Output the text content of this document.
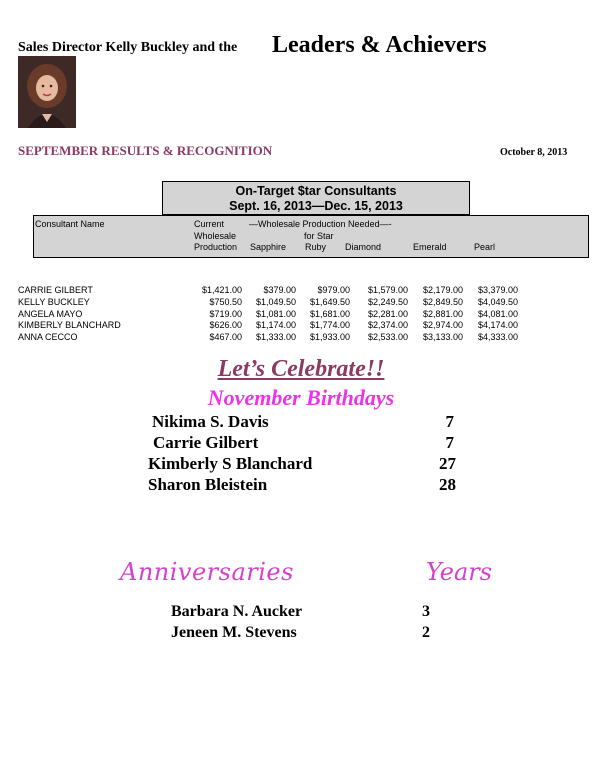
Sales Director Kelly Buckley and the Leaders & Achievers
SEPTEMBER RESULTS & RECOGNITION	October 8, 2013
On-Target $tar Consultants
Sept. 16, 2013—Dec. 15, 2013
Consultant Name	Current
Wholesale
Production
—Wholesale Production Needed—-
for Star
Sapphire Ruby Diamond	Emerald	Pearl
CARRIE GILBERT	$1,421.00 $379.00 $979.00 $1,579.00 $2,179.00 $3,379.00
KELLY BUCKLEY	$750.50 $1,049.50 $1,649.50 $2,249.50 $2,849.50 $4,049.50
ANGELA MAYO	$719.00 $1,081.00 $1,681.00 $2,281.00 $2,881.00 $4,081.00
KIMBERLY BLANCHARD	$626.00 $1,174.00 $1,774.00 $2,374.00 $2,974.00 $4,174.00
ANNA CECCO	$467.00 $1,333.00 $1,933.00 $2,533.00 $3,133.00 $4,333.00
Let’s Celebrate!!
November Birthdays
Nikima S. Davis	7
Carrie Gilbert	7
Kimberly S Blanchard	27
Sharon Bleistein	28
Anniversaries	Years
Barbara N. Aucker	3
Jeneen M. Stevens	2
